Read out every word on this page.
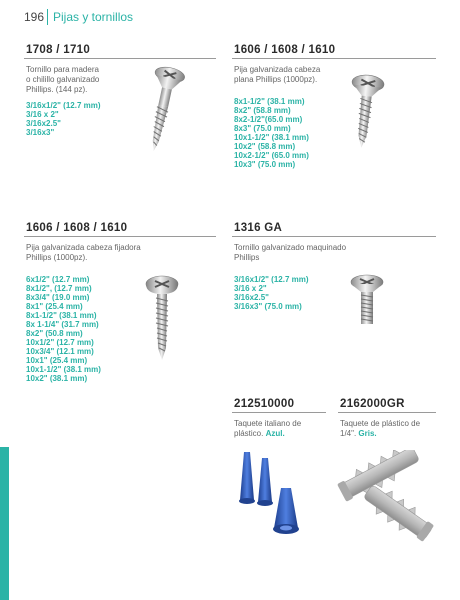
196 Pijas y tornillos
1708 / 1710
Tornillo para madera
o chilillo galvanizado
Phillips. (144 pz).
3/16x1/2" (12.7 mm)
3/16 x 2"
3/16x2.5"
3/16x3"
1606 / 1608 / 1610
Pija galvanizada cabeza
plana Phillips (1000pz).
8x1-1/2" (38.1 mm)
8x2" (58.8 mm)
8x2-1/2"(65.0 mm)
8x3" (75.0 mm)
10x1-1/2" (38.1 mm)
10x2" (58.8 mm)
10x2-1/2" (65.0 mm)
10x3" (75.0 mm)
1606 / 1608 / 1610
Pija galvanizada cabeza fijadora
Phillips (1000pz).
6x1/2" (12.7 mm)
8x1/2", (12.7 mm)
8x3/4" (19.0 mm)
8x1" (25.4 mm)
8x1-1/2" (38.1 mm)
8x 1-1/4" (31.7 mm)
8x2" (50.8 mm)
10x1/2" (12.7 mm)
10x3/4" (12.1 mm)
10x1" (25.4 mm)
10x1-1/2" (38.1 mm)
10x2" (38.1 mm)
1316 GA
Tornillo galvanizado maquinado
Phillips
3/16x1/2" (12.7 mm)
3/16 x 2"
3/16x2.5"
3/16x3" (75.0 mm)
212510000
Taquete italiano de
plástico. Azul.
2162000GR
Taquete de plástico de
1/4". Gris.
